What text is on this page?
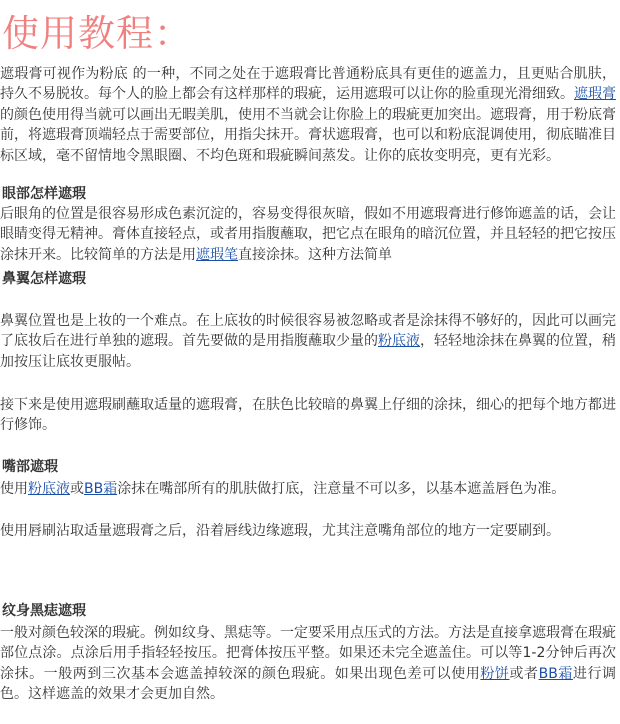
使用教程：

遮瑕膏可视作为粉底 的一种，不同之处在于遮瑕膏比普通粉底具有更佳的遮盖力，且更贴合肌肤，持久不易脱妆。每个人的脸上都会有这样那样的瑕疵，运用遮瑕可以让你的脸重现光滑细致。遮瑕膏的颜色使用得当就可以画出无暇美肌，使用不当就会让你脸上的瑕疵更加突出。遮瑕膏，用于粉底膏前，将遮瑕膏顶端轻点于需要部位，用指尖抹开。膏状遮瑕膏，也可以和粉底混调使用，彻底瞄准目标区域，毫不留情地令黑眼圈、不均色斑和瑕疵瞬间蒸发。让你的底妆变明亮，更有光彩。

眼部怎样遮瑕

后眼角的位置是很容易形成色素沉淀的，容易变得很灰暗，假如不用遮瑕膏进行修饰遮盖的话，会让眼睛变得无精神。膏体直接轻点，或者用指腹蘸取，把它点在眼角的暗沉位置，并且轻轻的把它按压涂抹开来。比较简单的方法是用遮瑕笔直接涂抹。这种方法简单

鼻翼怎样遮瑕

鼻翼位置也是上妆的一个难点。在上底妆的时候很容易被忽略或者是涂抹得不够好的，因此可以画完了底妆后在进行单独的遮瑕。首先要做的是用指腹蘸取少量的粉底液，轻轻地涂抹在鼻翼的位置，稍加按压让底妆更服帖。

接下来是使用遮瑕刷蘸取适量的遮瑕膏，在肤色比较暗的鼻翼上仔细的涂抹，细心的把每个地方都进行修饰。

嘴部遮瑕

使用粉底液或BB霜涂抹在嘴部所有的肌肤做打底，注意量不可以多，以基本遮盖唇色为准。

使用唇刷沾取适量遮瑕膏之后，沿着唇线边缘遮瑕，尤其注意嘴角部位的地方一定要刷到。

纹身黑痣遮瑕

一般对颜色较深的瑕疵。例如纹身、黑痣等。一定要采用点压式的方法。方法是直接拿遮瑕膏在瑕疵部位点涂。点涂后用手指轻轻按压。把膏体按压平整。如果还未完全遮盖住。可以等1-2分钟后再次涂抹。一般两到三次基本会遮盖掉较深的颜色瑕疵。如果出现色差可以使用粉饼或者BB霜进行调色。这样遮盖的效果才会更加自然。
